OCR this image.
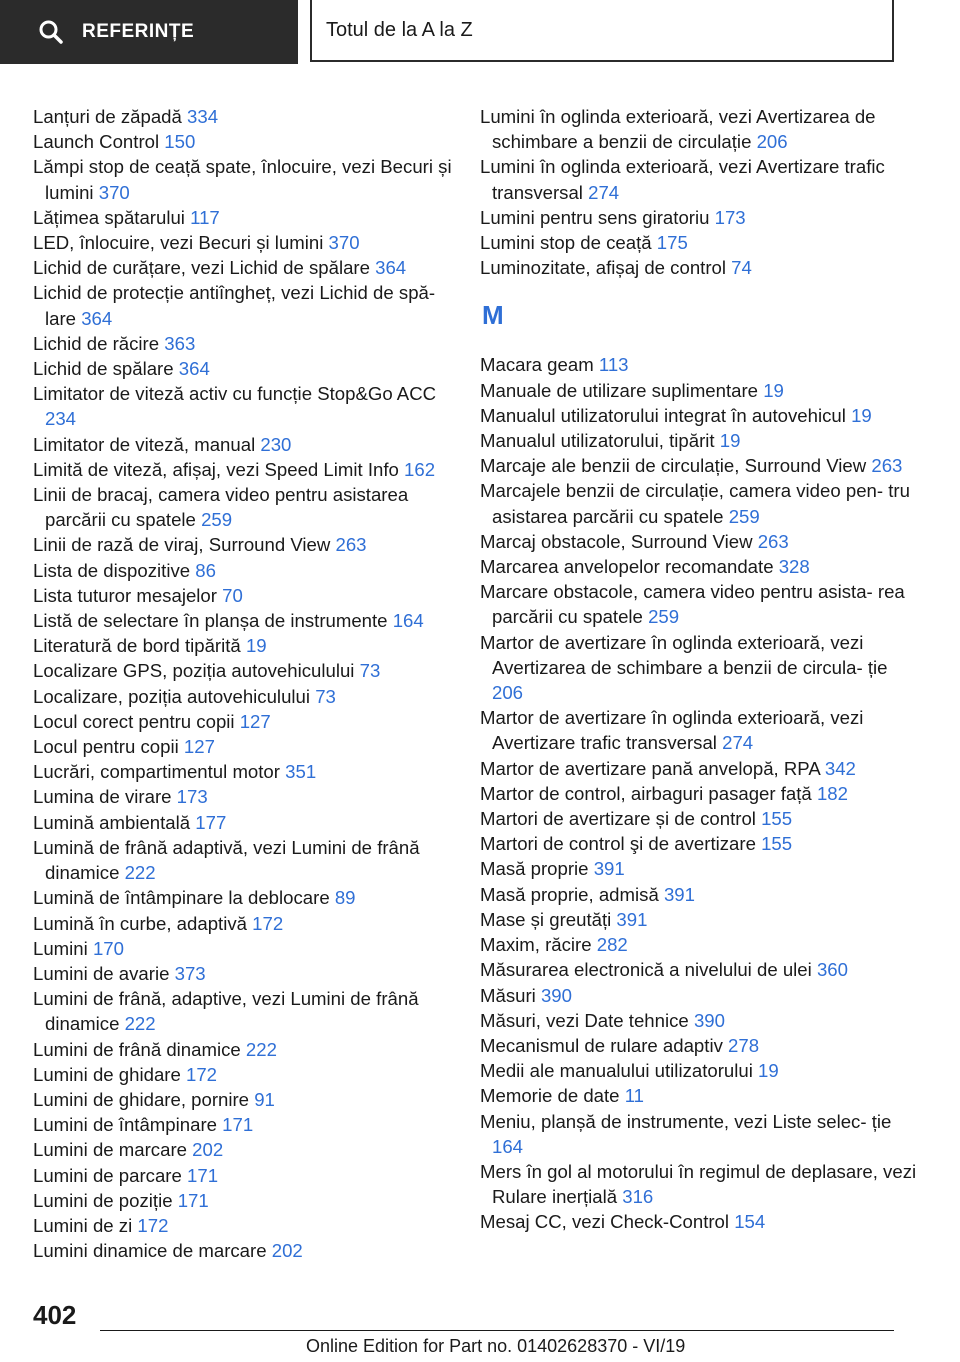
REFERINȚE	Totul de la A la Z
Lanțuri de zăpadă 334
Launch Control 150
Lămpi stop de ceață spate, înlocuire, vezi Becuri și lumini 370
Lățimea spătarului 117
LED, înlocuire, vezi Becuri și lumini 370
Lichid de curățare, vezi Lichid de spălare 364
Lichid de protecție antiîngheț, vezi Lichid de spă‐ lare 364
Lichid de răcire 363
Lichid de spălare 364
Limitator de viteză activ cu funcție Stop&Go ACC 234
Limitator de viteză, manual 230
Limită de viteză, afișaj, vezi Speed Limit Info 162
Linii de bracaj, camera video pentru asistarea parcării cu spatele 259
Linii de rază de viraj, Surround View 263
Lista de dispozitive 86
Lista tuturor mesajelor 70
Listă de selectare în planșa de instrumente 164
Literatură de bord tipărită 19
Localizare GPS, poziția autovehiculului 73
Localizare, poziția autovehiculului 73
Locul corect pentru copii 127
Locul pentru copii 127
Lucrări, compartimentul motor 351
Lumina de virare 173
Lumină ambientală 177
Lumină de frână adaptivă, vezi Lumini de frână dinamice 222
Lumină de întâmpinare la deblocare 89
Lumină în curbe, adaptivă 172
Lumini 170
Lumini de avarie 373
Lumini de frână, adaptive, vezi Lumini de frână dinamice 222
Lumini de frână dinamice 222
Lumini de ghidare 172
Lumini de ghidare, pornire 91
Lumini de întâmpinare 171
Lumini de marcare 202
Lumini de parcare 171
Lumini de poziție 171
Lumini de zi 172
Lumini dinamice de marcare 202
Lumini în oglinda exterioară, vezi Avertizarea de schimbare a benzii de circulație 206
Lumini în oglinda exterioară, vezi Avertizare trafic transversal 274
Lumini pentru sens giratoriu 173
Lumini stop de ceață 175
Luminozitate, afișaj de control 74
M
Macara geam 113
Manuale de utilizare suplimentare 19
Manualul utilizatorului integrat în autovehicul 19
Manualul utilizatorului, tipărit 19
Marcaje ale benzii de circulație, Surround View 263
Marcajele benzii de circulație, camera video pen‐ tru asistarea parcării cu spatele 259
Marcaj obstacole, Surround View 263
Marcarea anvelopelor recomandate 328
Marcare obstacole, camera video pentru asista‐ rea parcării cu spatele 259
Martor de avertizare în oglinda exterioară, vezi Avertizarea de schimbare a benzii de circula‐ ție 206
Martor de avertizare în oglinda exterioară, vezi Avertizare trafic transversal 274
Martor de avertizare pană anvelopă, RPA 342
Martor de control, airbaguri pasager față 182
Martori de avertizare și de control 155
Martori de control şi de avertizare 155
Masă proprie 391
Masă proprie, admisă 391
Mase și greutăți 391
Maxim, răcire 282
Măsurarea electronică a nivelului de ulei 360
Măsuri 390
Măsuri, vezi Date tehnice 390
Mecanismul de rulare adaptiv 278
Medii ale manualului utilizatorului 19
Memorie de date 11
Meniu, planșă de instrumente, vezi Liste selec‐ ție 164
Mers în gol al motorului în regimul de deplasare, vezi Rulare inerțială 316
Mesaj CC, vezi Check-Control 154
402
Online Edition for Part no. 01402628370 - VI/19
